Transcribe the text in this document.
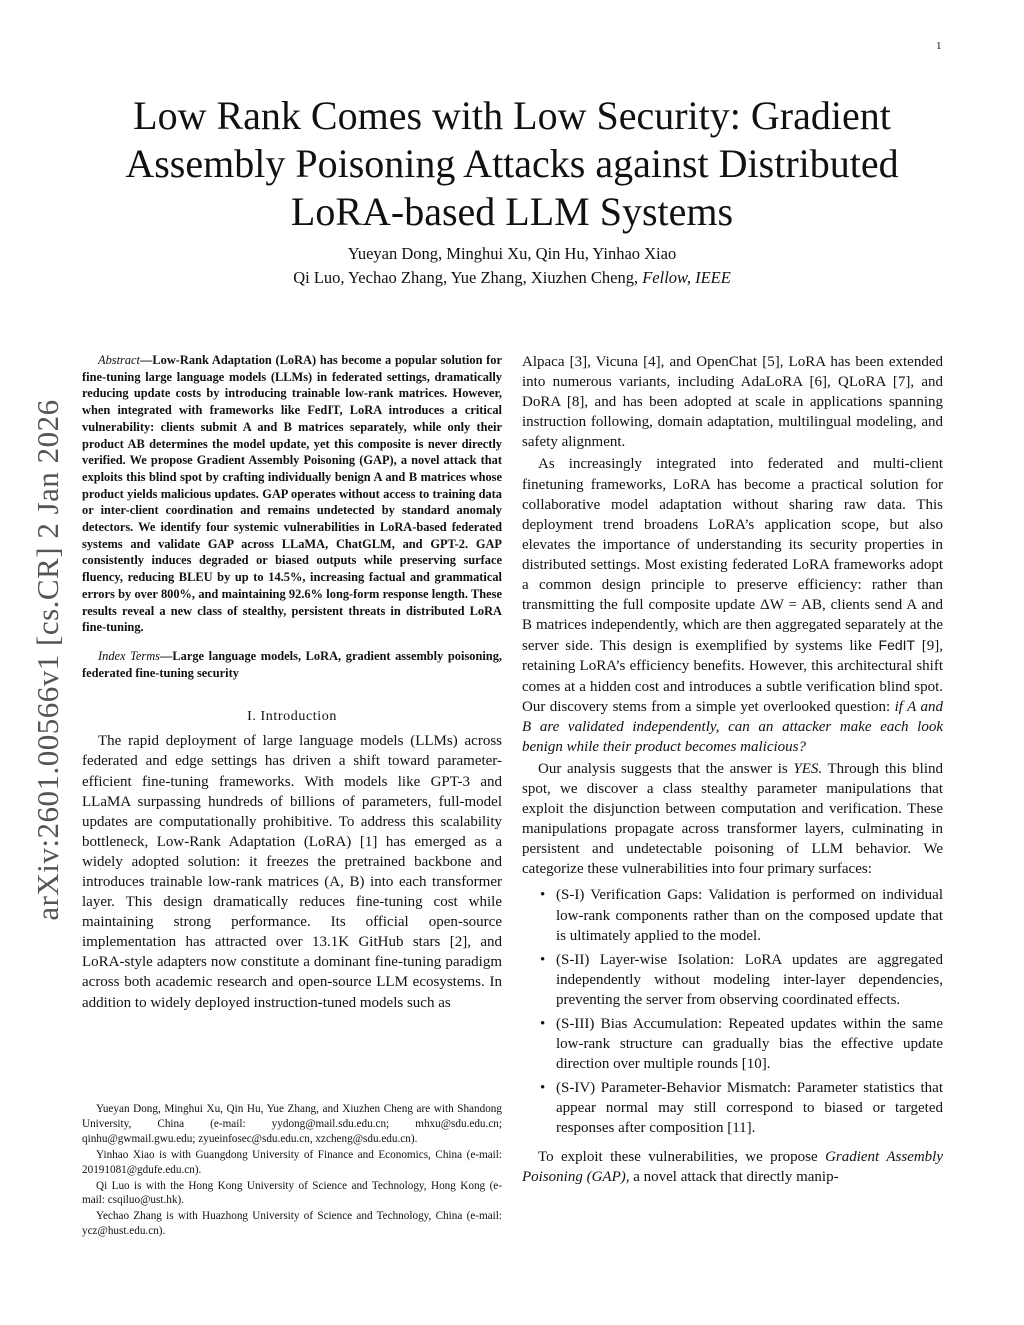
1
arXiv:2601.00566v1 [cs.CR] 2 Jan 2026
Low Rank Comes with Low Security: Gradient Assembly Poisoning Attacks against Distributed LoRA-based LLM Systems
Yueyan Dong, Minghui Xu, Qin Hu, Yinhao Xiao
Qi Luo, Yechao Zhang, Yue Zhang, Xiuzhen Cheng, Fellow, IEEE

Abstract—Low-Rank Adaptation (LoRA) has become a popular solution for fine-tuning large language models (LLMs) in federated settings, dramatically reducing update costs by introducing trainable low-rank matrices. However, when integrated with frameworks like FedIT, LoRA introduces a critical vulnerability: clients submit A and B matrices separately, while only their product AB determines the model update, yet this composite is never directly verified. We propose Gradient Assembly Poisoning (GAP), a novel attack that exploits this blind spot by crafting individually benign A and B matrices whose product yields malicious updates. GAP operates without access to training data or inter-client coordination and remains undetected by standard anomaly detectors. We identify four systemic vulnerabilities in LoRA-based federated systems and validate GAP across LLaMA, ChatGLM, and GPT-2. GAP consistently induces degraded or biased outputs while preserving surface fluency, reducing BLEU by up to 14.5%, increasing factual and grammatical errors by over 800%, and maintaining 92.6% long-form response length. These results reveal a new class of stealthy, persistent threats in distributed LoRA fine-tuning.

Index Terms—Large language models, LoRA, gradient assembly poisoning, federated fine-tuning security

I. Introduction

The rapid deployment of large language models (LLMs) across federated and edge settings has driven a shift toward parameter-efficient fine-tuning frameworks. With models like GPT-3 and LLaMA surpassing hundreds of billions of parameters, full-model updates are computationally prohibitive. To address this scalability bottleneck, Low-Rank Adaptation (LoRA) [1] has emerged as a widely adopted solution: it freezes the pretrained backbone and introduces trainable low-rank matrices (A, B) into each transformer layer. This design dramatically reduces fine-tuning cost while maintaining strong performance. Its official open-source implementation has attracted over 13.1K GitHub stars [2], and LoRA-style adapters now constitute a dominant fine-tuning paradigm across both academic research and open-source LLM ecosystems. In addition to widely deployed instruction-tuned models such as

Yueyan Dong, Minghui Xu, Qin Hu, Yue Zhang, and Xiuzhen Cheng are with Shandong University, China (e-mail: yydong@mail.sdu.edu.cn; mhxu@sdu.edu.cn; qinhu@gwmail.gwu.edu; zyueinfosec@sdu.edu.cn, xzcheng@sdu.edu.cn).

Yinhao Xiao is with Guangdong University of Finance and Economics, China (e-mail: 20191081@gdufe.edu.cn).

Qi Luo is with the Hong Kong University of Science and Technology, Hong Kong (e-mail: csqiluo@ust.hk).

Yechao Zhang is with Huazhong University of Science and Technology, China (e-mail: ycz@hust.edu.cn).

Alpaca [3], Vicuna [4], and OpenChat [5], LoRA has been extended into numerous variants, including AdaLoRA [6], QLoRA [7], and DoRA [8], and has been adopted at scale in applications spanning instruction following, domain adaptation, multilingual modeling, and safety alignment.

As increasingly integrated into federated and multi-client finetuning frameworks, LoRA has become a practical solution for collaborative model adaptation without sharing raw data. This deployment trend broadens LoRA’s application scope, but also elevates the importance of understanding its security properties in distributed settings. Most existing federated LoRA frameworks adopt a common design principle to preserve efficiency: rather than transmitting the full composite update ΔW = AB, clients send A and B matrices independently, which are then aggregated separately at the server side. This design is exemplified by systems like FedIT [9], retaining LoRA’s efficiency benefits. However, this architectural shift comes at a hidden cost and introduces a subtle verification blind spot. Our discovery stems from a simple yet overlooked question: if A and B are validated independently, can an attacker make each look benign while their product becomes malicious?

Our analysis suggests that the answer is YES. Through this blind spot, we discover a class stealthy parameter manipulations that exploit the disjunction between computation and verification. These manipulations propagate across transformer layers, culminating in persistent and undetectable poisoning of LLM behavior. We categorize these vulnerabilities into four primary surfaces:

• (S-I) Verification Gaps: Validation is performed on individual low-rank components rather than on the composed update that is ultimately applied to the model.
• (S-II) Layer-wise Isolation: LoRA updates are aggregated independently without modeling inter-layer dependencies, preventing the server from observing coordinated effects.
• (S-III) Bias Accumulation: Repeated updates within the same low-rank structure can gradually bias the effective update direction over multiple rounds [10].
• (S-IV) Parameter-Behavior Mismatch: Parameter statistics that appear normal may still correspond to biased or targeted responses after composition [11].

To exploit these vulnerabilities, we propose Gradient Assembly Poisoning (GAP), a novel attack that directly manip-
